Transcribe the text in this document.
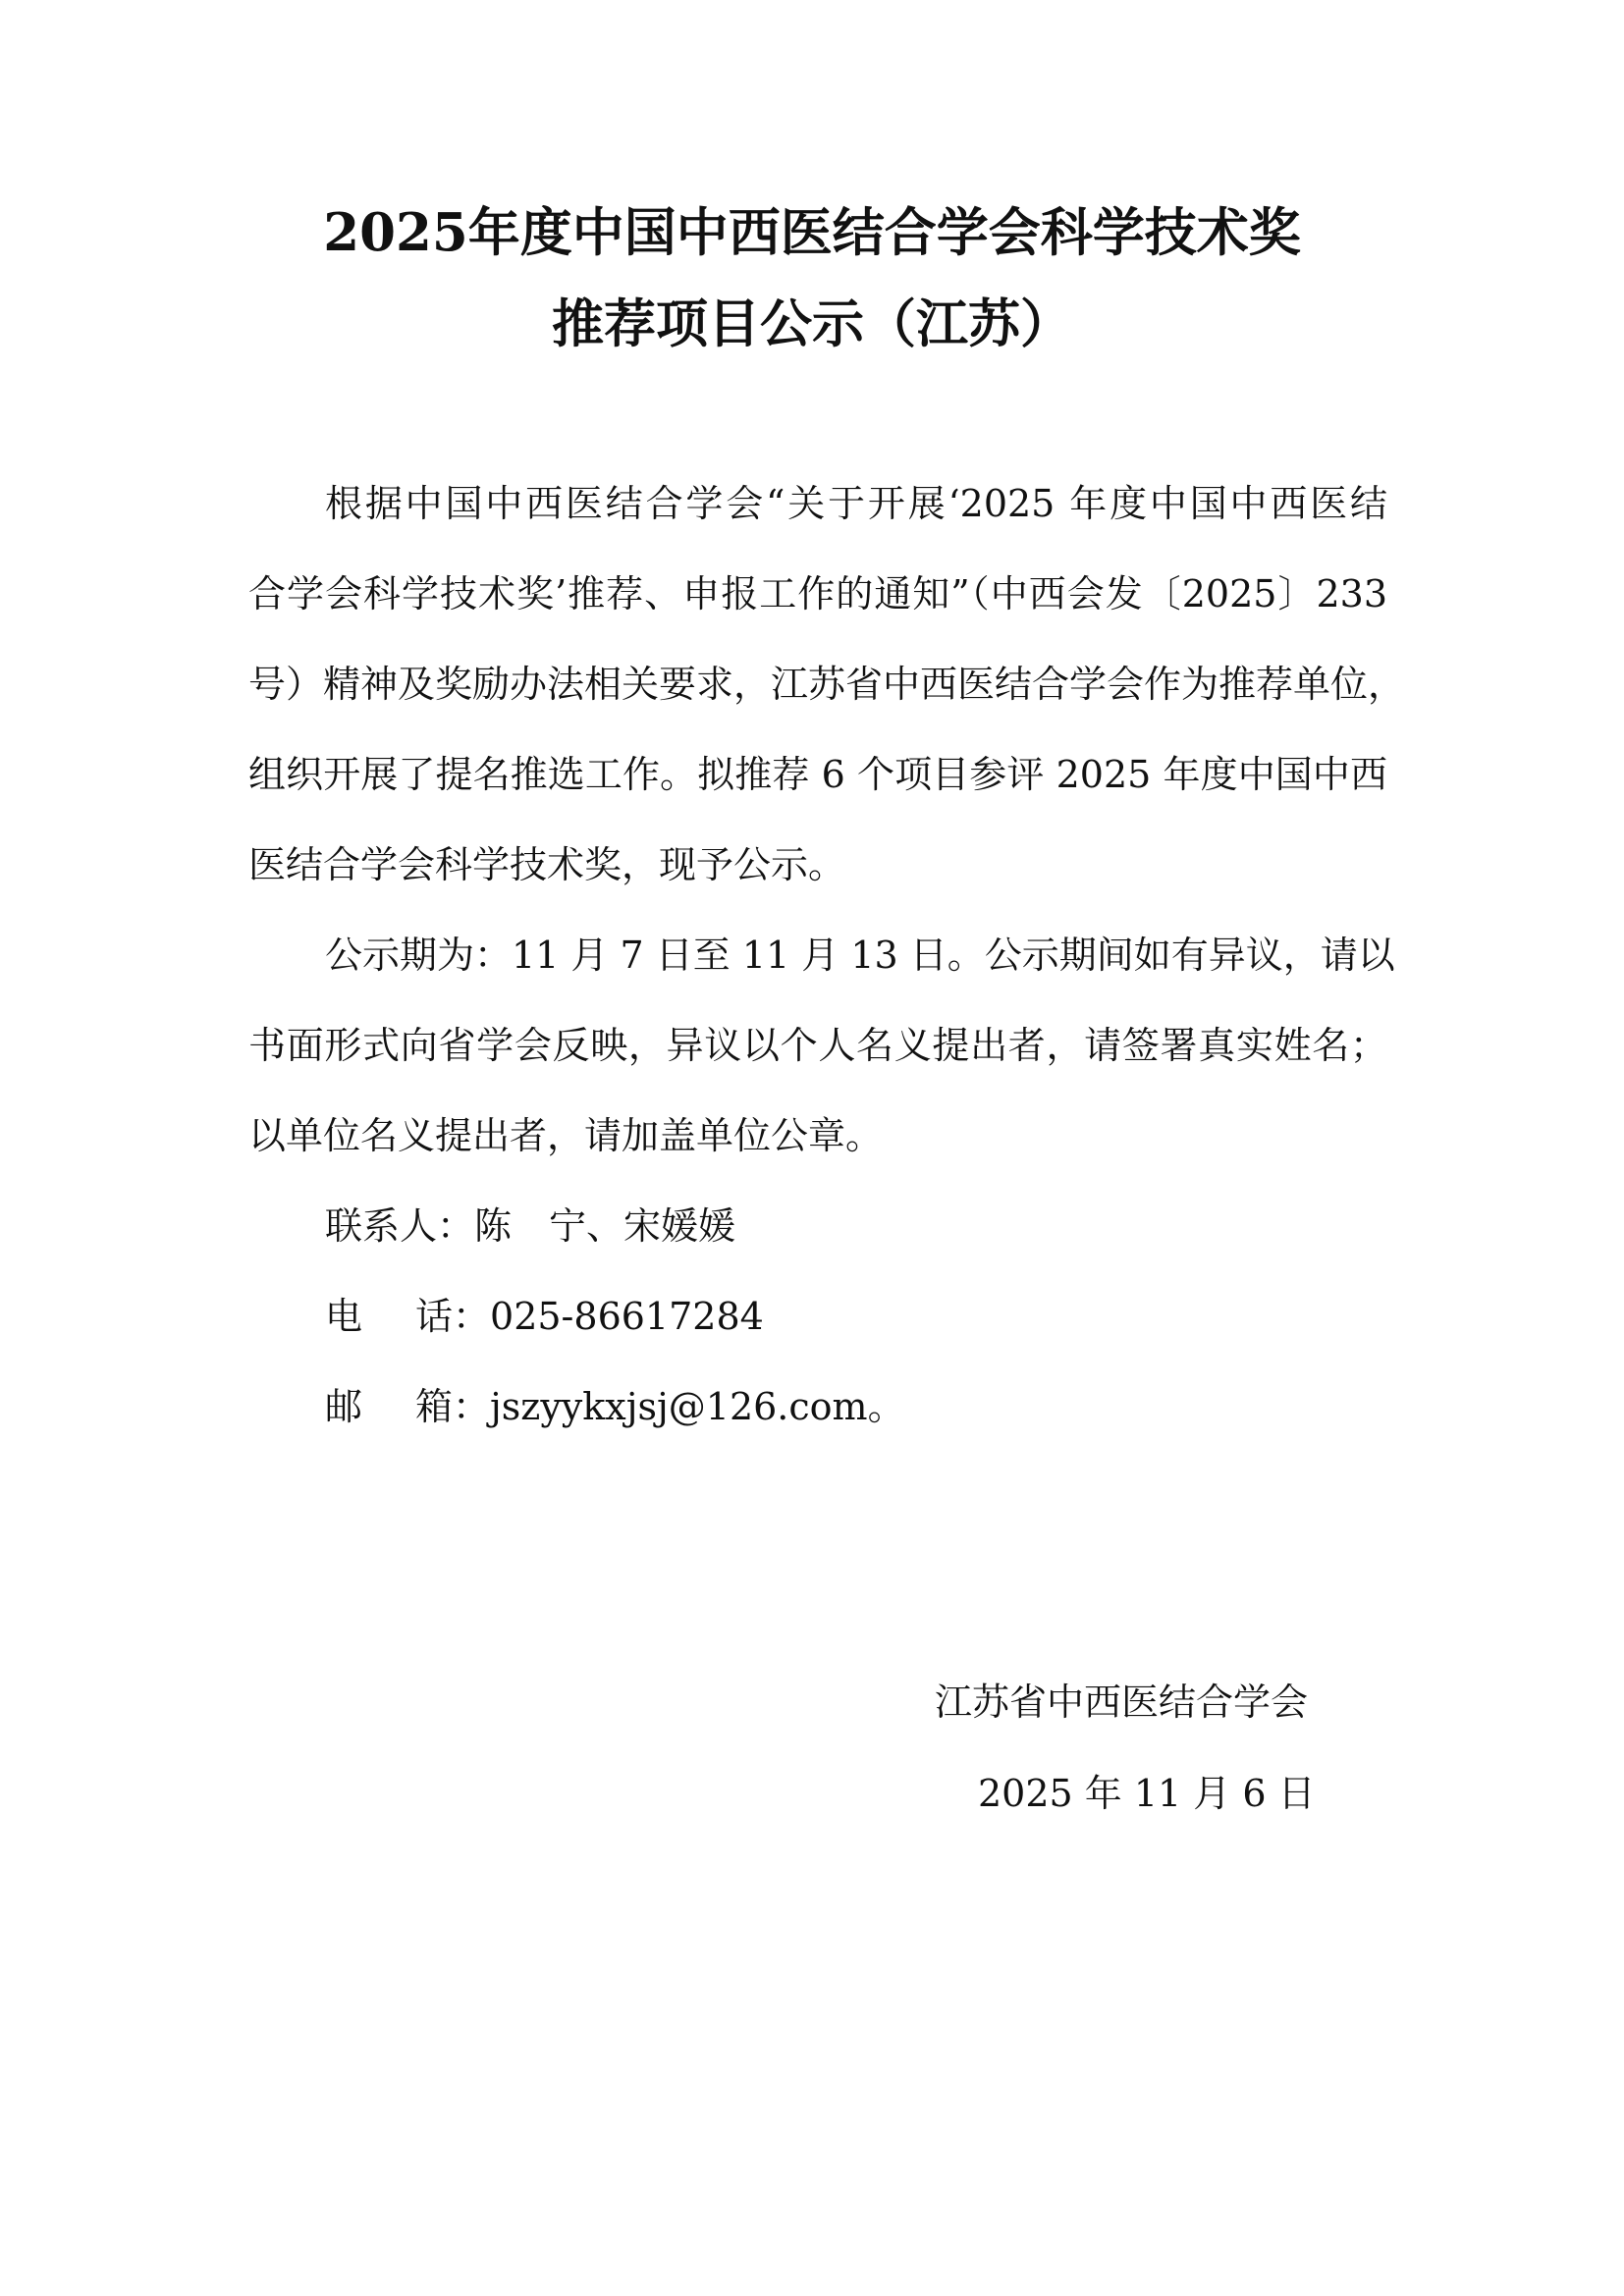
2025年度中国中西医结合学会科学技术奖
推荐项目公示（江苏）
根据中国中西医结合学会“关于开展‘2025 年度中国中西医结
合学会科学技术奖’推荐、申报工作的通知”（中西会发〔2025〕233
号）精神及奖励办法相关要求，江苏省中西医结合学会作为推荐单位，
组织开展了提名推选工作。拟推荐 6 个项目参评 2025 年度中国中西
医结合学会科学技术奖，现予公示。
公示期为：11 月 7 日至 11 月 13 日。公示期间如有异议，请以
书面形式向省学会反映，异议以个人名义提出者，请签署真实姓名；
以单位名义提出者，请加盖单位公章。
联系人：陈　宁、宋媛媛
电话：025-86617284
邮箱：jszyykxjsj@126.com。
江苏省中西医结合学会
2025 年 11 月 6 日
